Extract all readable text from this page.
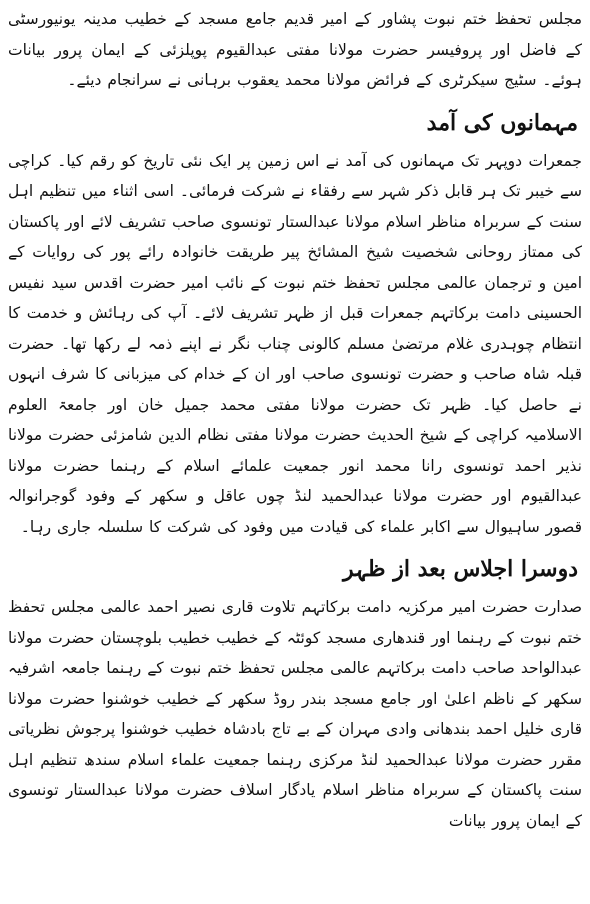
مجلس تحفظ ختم نبوت پشاور کے امیر قدیم جامع مسجد کے خطیب مدینہ یونیورسٹی کے فاضل اور پروفیسر حضرت مولانا مفتی عبدالقیوم پوپلزئی کے ایمان پرور بیانات ہوئے۔ سٹیج سیکرٹری کے فرائض مولانا محمد یعقوب برہانی نے سرانجام دیئے۔

مہمانوں کی آمد

جمعرات دوپہر تک مہمانوں کی آمد نے اس زمین پر ایک نئی تاریخ کو رقم کیا۔ کراچی سے خیبر تک ہر قابل ذکر شہر سے رفقاء نے شرکت فرمائی۔ اسی اثناء میں تنظیم اہل سنت کے سربراہ مناظر اسلام مولانا عبدالستار تونسوی صاحب تشریف لائے اور پاکستان کی ممتاز روحانی شخصیت شیخ المشائخ پیر طریقت خانوادہ رائے پور کی روایات کے امین و ترجمان عالمی مجلس تحفظ ختم نبوت کے نائب امیر حضرت اقدس سید نفیس الحسینی دامت برکاتہم جمعرات قبل از ظہر تشریف لائے۔ آپ کی رہائش و خدمت کا انتظام چوہدری غلام مرتضیٰ مسلم کالونی چناب نگر نے اپنے ذمہ لے رکھا تھا۔ حضرت قبلہ شاہ صاحب و حضرت تونسوی صاحب اور ان کے خدام کی میزبانی کا شرف انہوں نے حاصل کیا۔ ظہر تک حضرت مولانا مفتی محمد جمیل خان اور جامعۃ العلوم الاسلامیہ کراچی کے شیخ الحدیث حضرت مولانا مفتی نظام الدین شامزئی حضرت مولانا نذیر احمد تونسوی رانا محمد انور جمعیت علمائے اسلام کے رہنما حضرت مولانا عبدالقیوم اور حضرت مولانا عبدالحمید لنڈ چوں عاقل و سکھر کے وفود گوجرانوالہ قصور ساہیوال سے اکابر علماء کی قیادت میں وفود کی شرکت کا سلسلہ جاری رہا۔

دوسرا اجلاس بعد از ظہر

صدارت حضرت امیر مرکزیہ دامت برکاتہم تلاوت قاری نصیر احمد عالمی مجلس تحفظ ختم نبوت کے رہنما اور قندھاری مسجد کوئٹہ کے خطیب خطیب بلوچستان حضرت مولانا عبدالواحد صاحب دامت برکاتہم عالمی مجلس تحفظ ختم نبوت کے رہنما جامعہ اشرفیہ سکھر کے ناظم اعلیٰ اور جامع مسجد بندر روڈ سکھر کے خطیب خوشنوا حضرت مولانا قاری خلیل احمد بندھانی وادی مہران کے بے تاج بادشاہ خطیب خوشنوا پرجوش نظریاتی مقرر حضرت مولانا عبدالحمید لنڈ مرکزی رہنما جمعیت علماء اسلام سندھ تنظیم اہل سنت پاکستان کے سربراہ مناظر اسلام یادگار اسلاف حضرت مولانا عبدالستار تونسوی کے ایمان پرور بیانات
